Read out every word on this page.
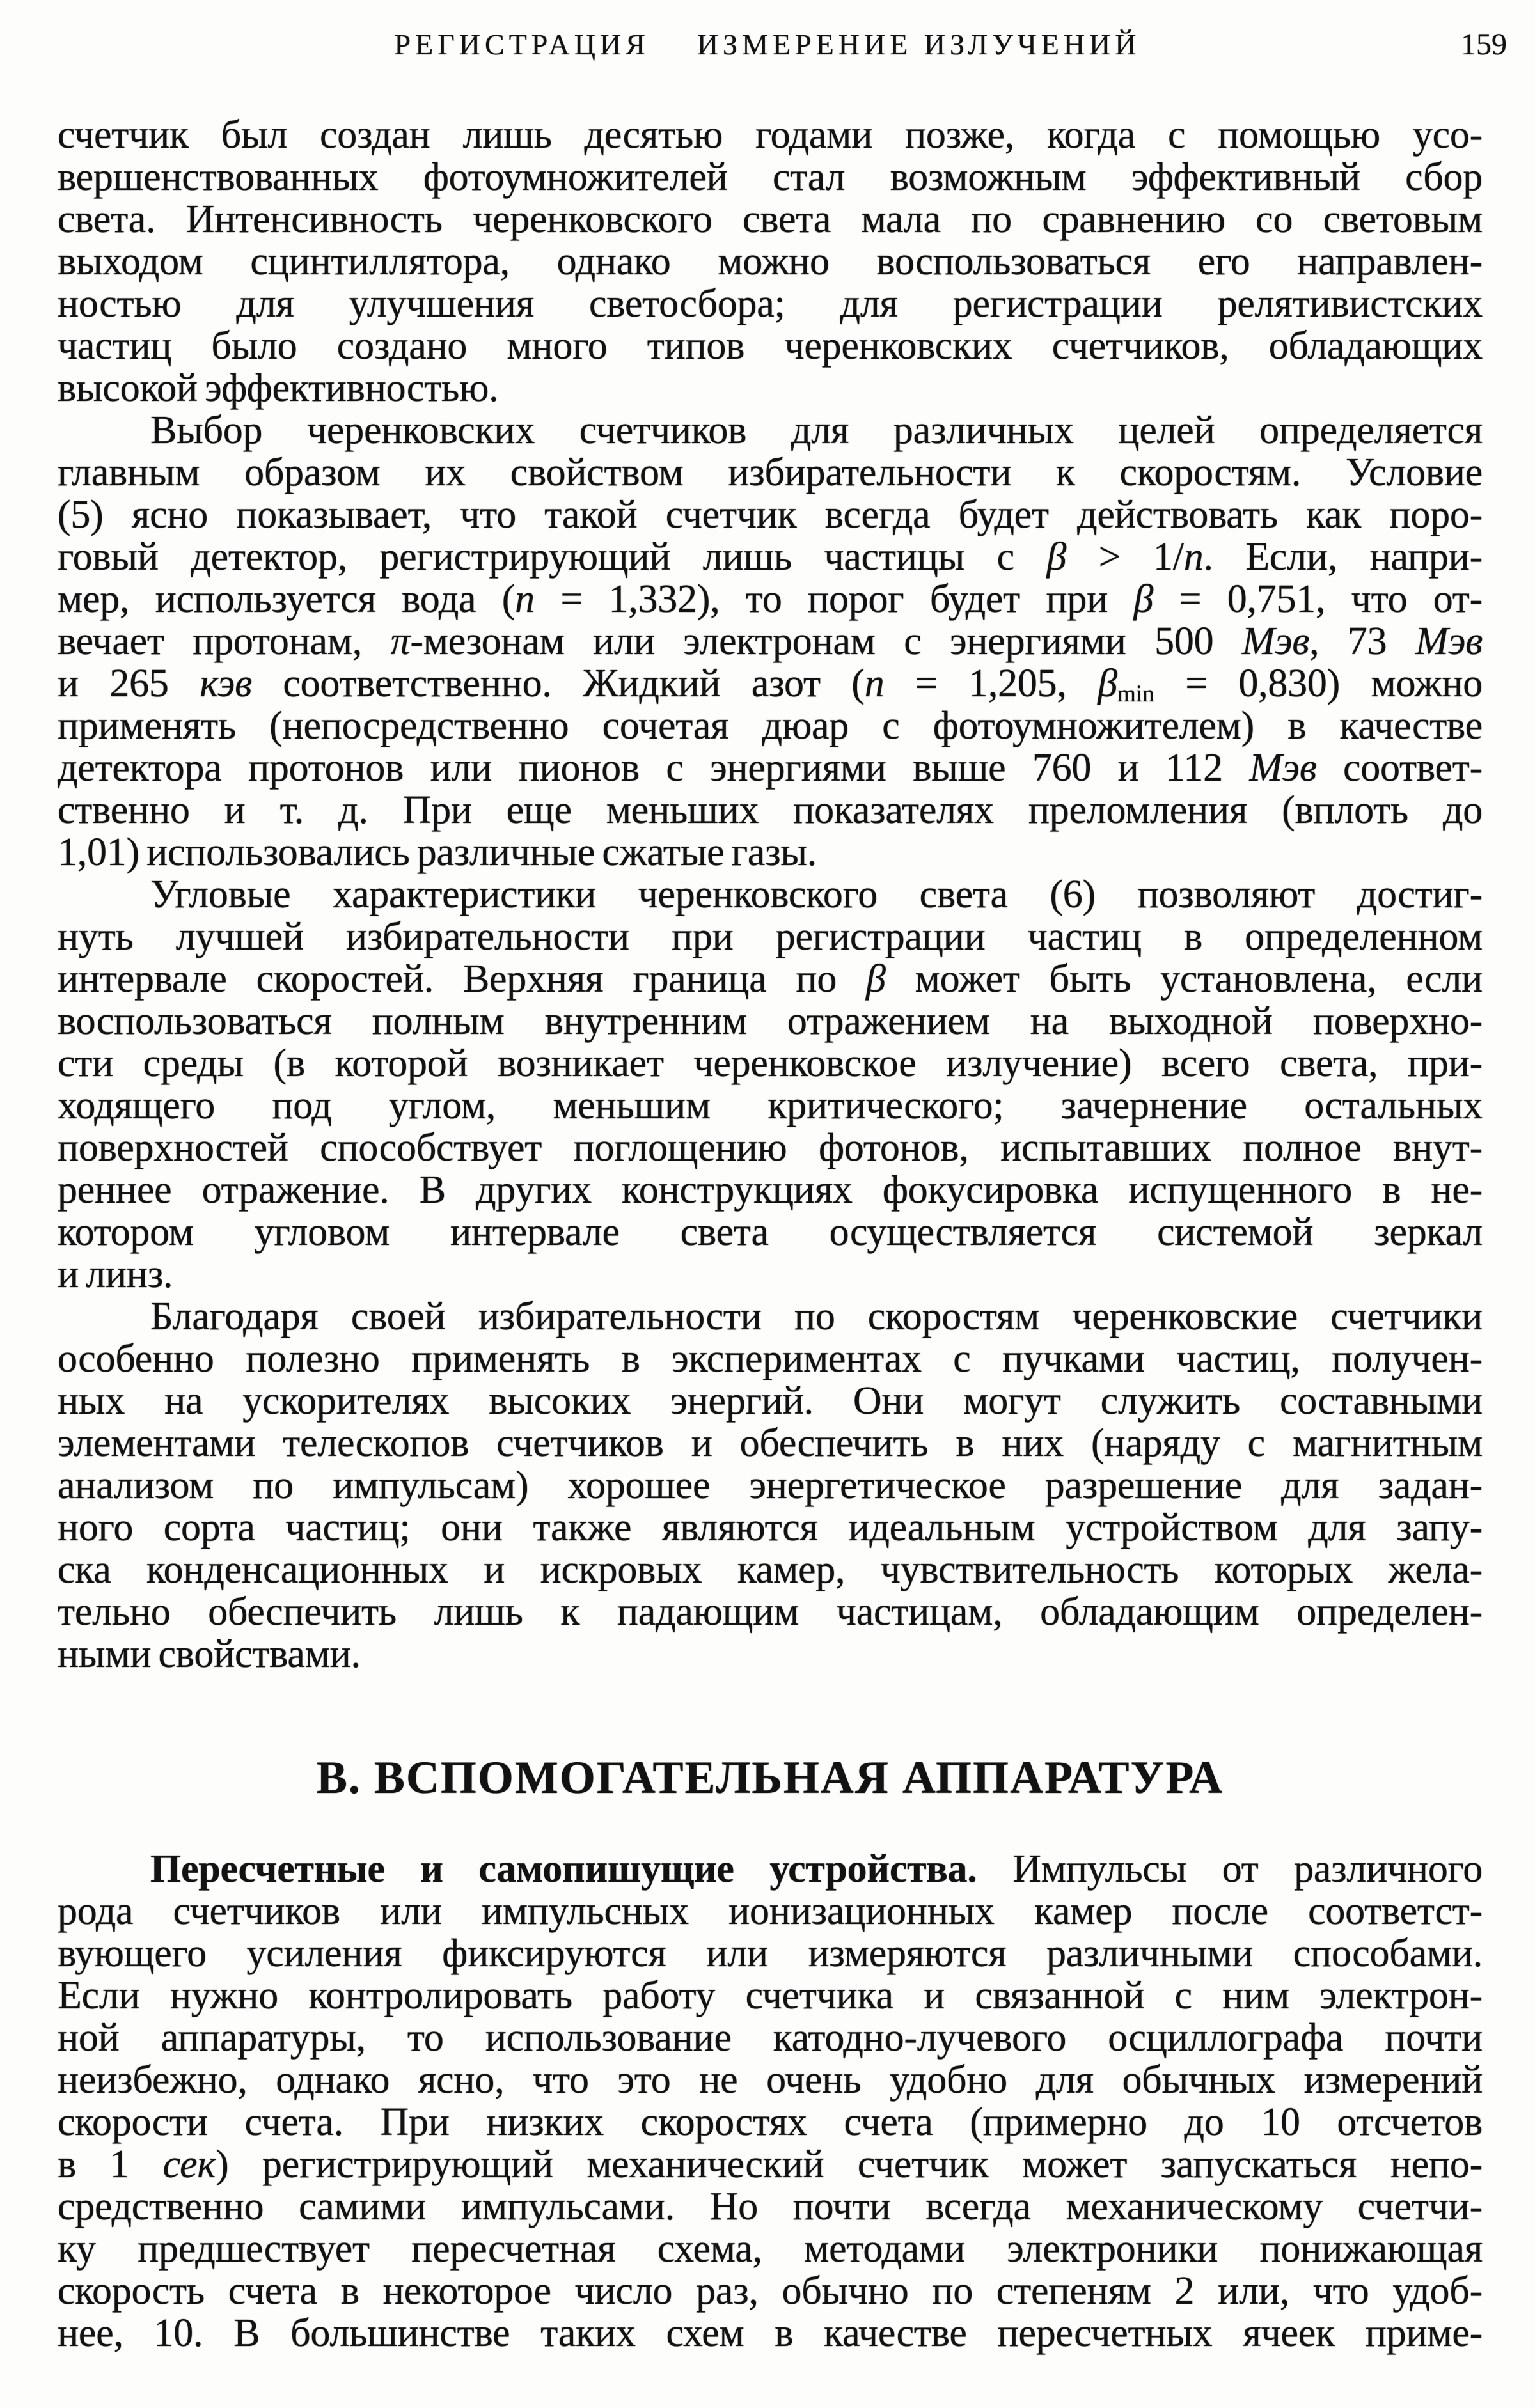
РЕГИСТРАЦИЯ    ИЗМЕРЕНИЕ ИЗЛУЧЕНИЙ	159
счетчик был создан лишь десятью годами позже, когда с помощью усо-
вершенствованных фотоумножителей стал возможным эффективный сбор
света. Интенсивность черенковского света мала по сравнению со световым
выходом сцинтиллятора, однако можно воспользоваться его направлен-
ностью для улучшения светосбора; для регистрации релятивистских
частиц было создано много типов черенковских счетчиков, обладающих
высокой эффективностью.
Выбор черенковских счетчиков для различных целей определяется
главным образом их свойством избирательности к скоростям. Условие
(5) ясно показывает, что такой счетчик всегда будет действовать как поро-
говый детектор, регистрирующий лишь частицы с β > 1/n. Если, напри-
мер, используется вода (n = 1,332), то порог будет при β = 0,751, что от-
вечает протонам, π-мезонам или электронам с энергиями 500 Мэв, 73 Мэв
и 265 кэв соответственно. Жидкий азот (n = 1,205, βmin = 0,830) можно
применять (непосредственно сочетая дюар с фотоумножителем) в качестве
детектора протонов или пионов с энергиями выше 760 и 112 Мэв соответ-
ственно и т. д. При еще меньших показателях преломления (вплоть до
1,01) использовались различные сжатые газы.
Угловые характеристики черенковского света (6) позволяют достиг-
нуть лучшей избирательности при регистрации частиц в определенном
интервале скоростей. Верхняя граница по β может быть установлена, если
воспользоваться полным внутренним отражением на выходной поверхно-
сти среды (в которой возникает черенковское излучение) всего света, при-
ходящего под углом, меньшим критического; зачернение остальных
поверхностей способствует поглощению фотонов, испытавших полное внут-
реннее отражение. В других конструкциях фокусировка испущенного в не-
котором угловом интервале света осуществляется системой зеркал
и линз.
Благодаря своей избирательности по скоростям черенковские счетчики
особенно полезно применять в экспериментах с пучками частиц, получен-
ных на ускорителях высоких энергий. Они могут служить составными
элементами телескопов счетчиков и обеспечить в них (наряду с магнитным
анализом по импульсам) хорошее энергетическое разрешение для задан-
ного сорта частиц; они также являются идеальным устройством для запу-
ска конденсационных и искровых камер, чувствительность которых жела-
тельно обеспечить лишь к падающим частицам, обладающим определен-
ными свойствами.
В. ВСПОМОГАТЕЛЬНАЯ АППАРАТУРА
Пересчетные и самопишущие устройства. Импульсы от различного
рода счетчиков или импульсных ионизационных камер после соответст-
вующего усиления фиксируются или измеряются различными способами.
Если нужно контролировать работу счетчика и связанной с ним электрон-
ной аппаратуры, то использование катодно-лучевого осциллографа почти
неизбежно, однако ясно, что это не очень удобно для обычных измерений
скорости счета. При низких скоростях счета (примерно до 10 отсчетов
в 1 сек) регистрирующий механический счетчик может запускаться непо-
средственно самими импульсами. Но почти всегда механическому счетчи-
ку предшествует пересчетная схема, методами электроники понижающая
скорость счета в некоторое число раз, обычно по степеням 2 или, что удоб-
нее, 10. В большинстве таких схем в качестве пересчетных ячеек приме-
